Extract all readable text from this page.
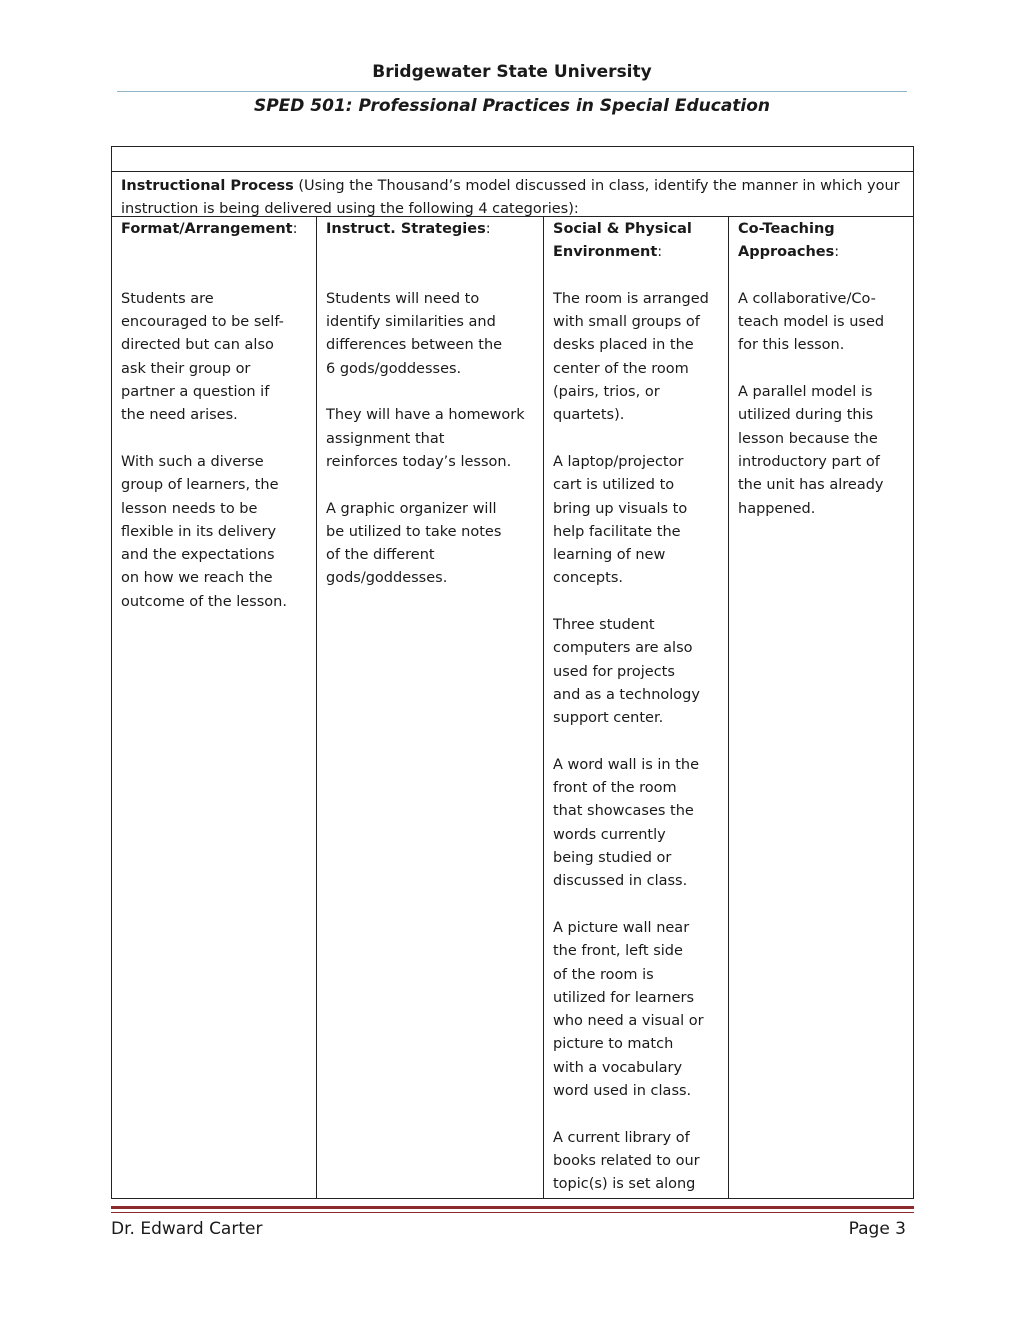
Bridgewater State University
SPED 501: Professional Practices in Special Education
Instructional Process (Using the Thousand’s model discussed in class, identify the manner in which your instruction is being delivered using the following 4 categories):

Format/Arrangement:

Students are
encouraged to be self-
directed but can also
ask their group or
partner a question if
the need arises.

With such a diverse
group of learners, the
lesson needs to be
flexible in its delivery
and the expectations
on how we reach the
outcome of the lesson.

Instruct. Strategies:

Students will need to
identify similarities and
differences between the
6 gods/goddesses.

They will have a homework
assignment that
reinforces today’s lesson.

A graphic organizer will
be utilized to take notes
of the different
gods/goddesses.

Social & Physical Environment:

The room is arranged
with small groups of
desks placed in the
center of the room
(pairs, trios, or
quartets).

A laptop/projector
cart is utilized to
bring up visuals to
help facilitate the
learning of new
concepts.

Three student
computers are also
used for projects
and as a technology
support center.

A word wall is in the
front of the room
that showcases the
words currently
being studied or
discussed in class.

A picture wall near
the front, left side
of the room is
utilized for learners
who need a visual or
picture to match
with a vocabulary
word used in class.

A current library of
books related to our
topic(s) is set along

Co-Teaching Approaches:

A collaborative/Co-
teach model is used
for this lesson.

A parallel model is
utilized during this
lesson because the
introductory part of
the unit has already
happened.

Dr. Edward Carter	Page 3
